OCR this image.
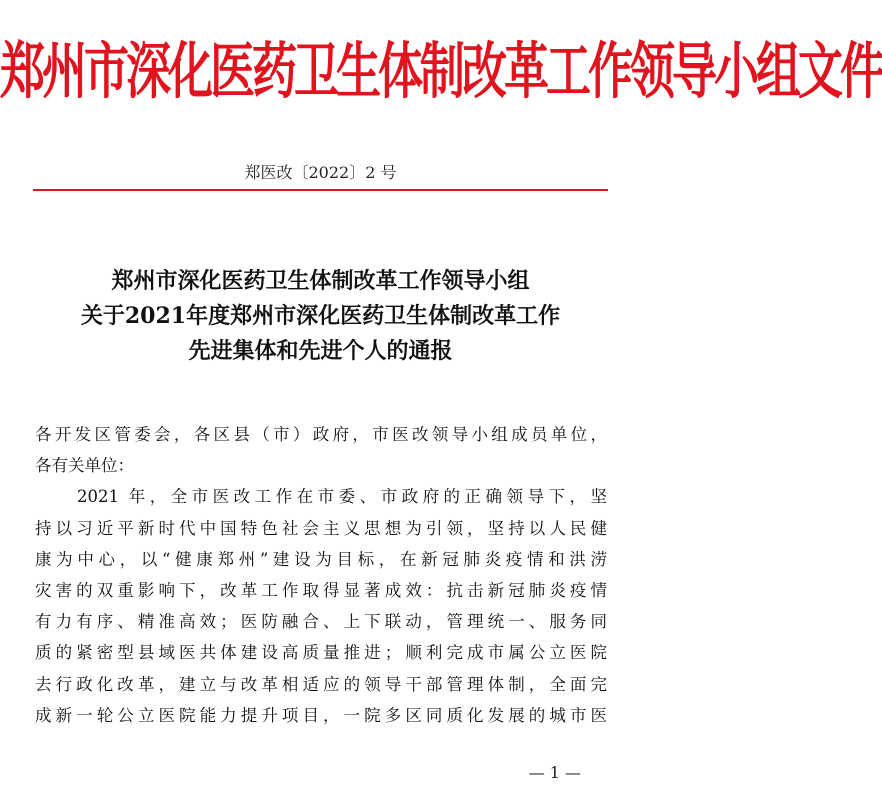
郑州市深化医药卫生体制改革工作领导小组文件
郑医改〔2022〕2 号
郑州市深化医药卫生体制改革工作领导小组
关于2021年度郑州市深化医药卫生体制改革工作
先进集体和先进个人的通报
各开发区管委会，各区县（市）政府，市医改领导小组成员单位，
各有关单位：
　　2021 年，全市医改工作在市委、市政府的正确领导下，坚
持以习近平新时代中国特色社会主义思想为引领，坚持以人民健
康为中心，以“健康郑州”建设为目标，在新冠肺炎疫情和洪涝
灾害的双重影响下，改革工作取得显著成效：抗击新冠肺炎疫情
有力有序、精准高效；医防融合、上下联动，管理统一、服务同
质的紧密型县域医共体建设高质量推进；顺利完成市属公立医院
去行政化改革，建立与改革相适应的领导干部管理体制，全面完
成新一轮公立医院能力提升项目，一院多区同质化发展的城市医
— 1 —
